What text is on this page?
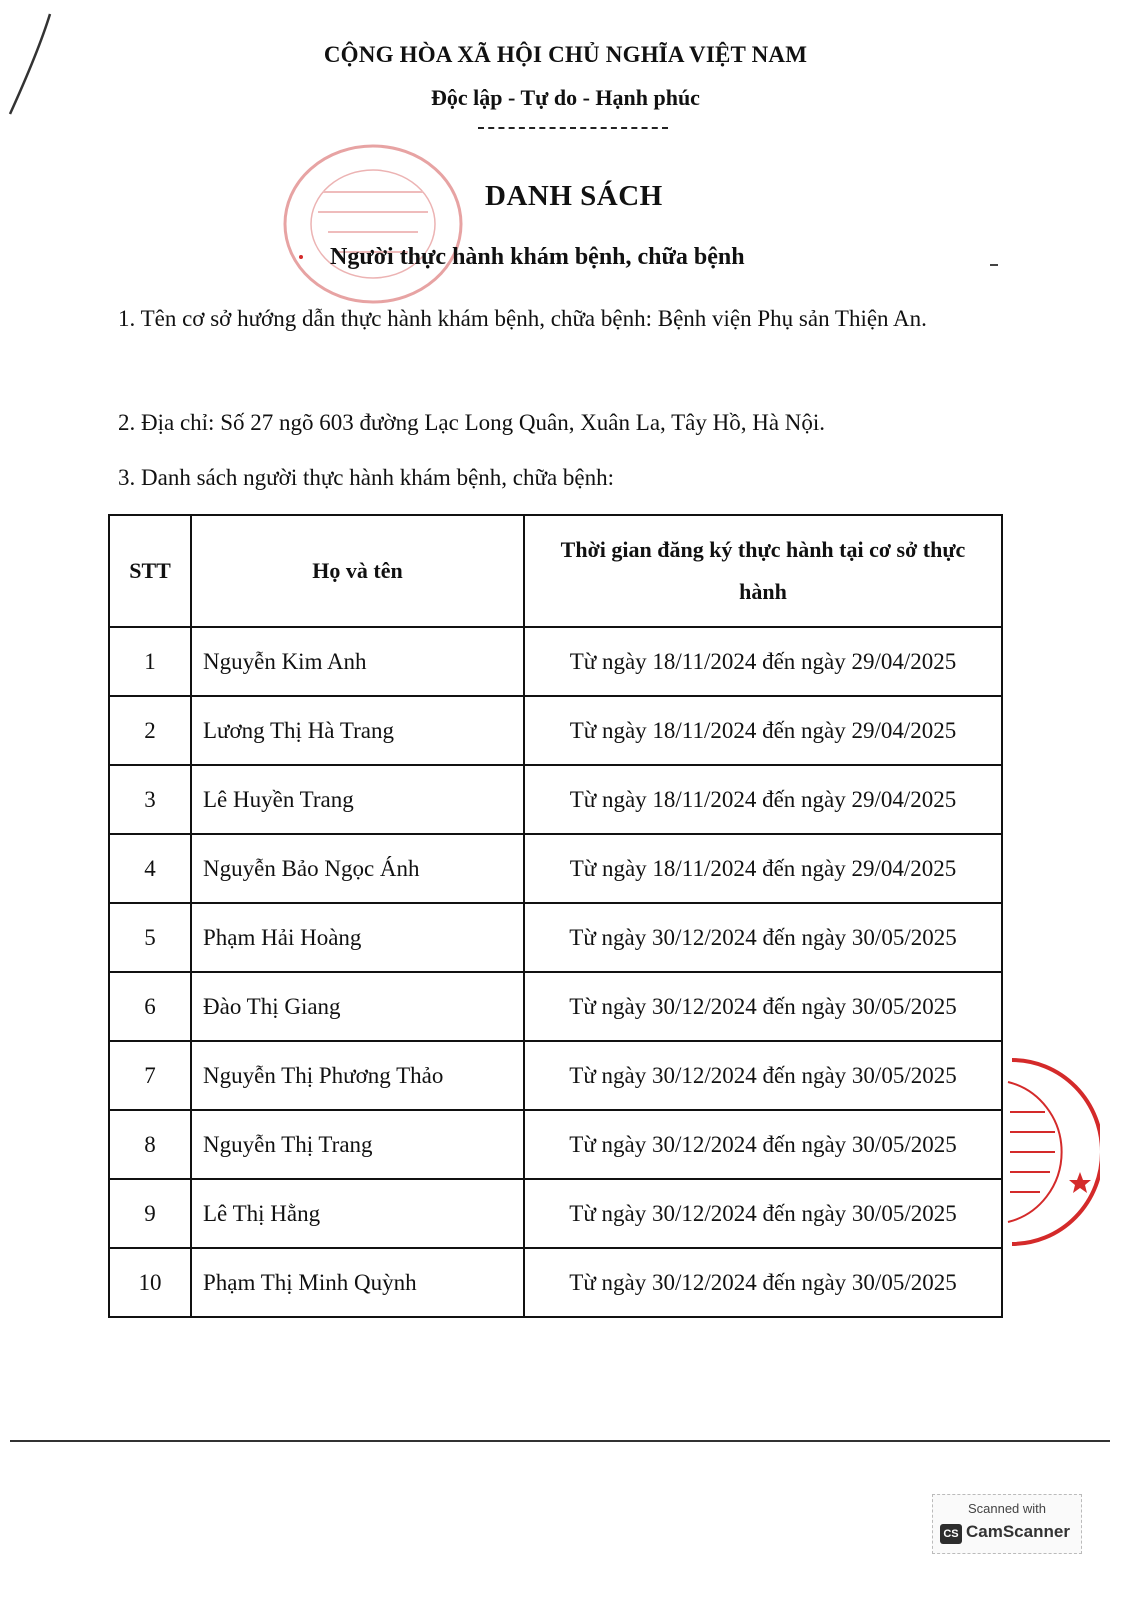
CỘNG HÒA XÃ HỘI CHỦ NGHĨA VIỆT NAM
Độc lập - Tự do - Hạnh phúc
DANH SÁCH
Người thực hành khám bệnh, chữa bệnh
1. Tên cơ sở hướng dẫn thực hành khám bệnh, chữa bệnh: Bệnh viện Phụ sản Thiện An.
2. Địa chỉ: Số 27 ngõ 603 đường Lạc Long Quân, Xuân La, Tây Hồ, Hà Nội.
3. Danh sách người thực hành khám bệnh, chữa bệnh:
STT	Họ và tên	Thời gian đăng ký thực hành tại cơ sở thực hành
1	Nguyễn Kim Anh	Từ ngày 18/11/2024 đến ngày 29/04/2025
2	Lương Thị Hà Trang	Từ ngày 18/11/2024 đến ngày 29/04/2025
3	Lê Huyền Trang	Từ ngày 18/11/2024 đến ngày 29/04/2025
4	Nguyễn Bảo Ngọc Ánh	Từ ngày 18/11/2024 đến ngày 29/04/2025
5	Phạm Hải Hoàng	Từ ngày 30/12/2024 đến ngày 30/05/2025
6	Đào Thị Giang	Từ ngày 30/12/2024 đến ngày 30/05/2025
7	Nguyễn Thị Phương Thảo	Từ ngày 30/12/2024 đến ngày 30/05/2025
8	Nguyễn Thị Trang	Từ ngày 30/12/2024 đến ngày 30/05/2025
9	Lê Thị Hằng	Từ ngày 30/12/2024 đến ngày 30/05/2025
10	Phạm Thị Minh Quỳnh	Từ ngày 30/12/2024 đến ngày 30/05/2025
Scanned with
CS CamScanner
